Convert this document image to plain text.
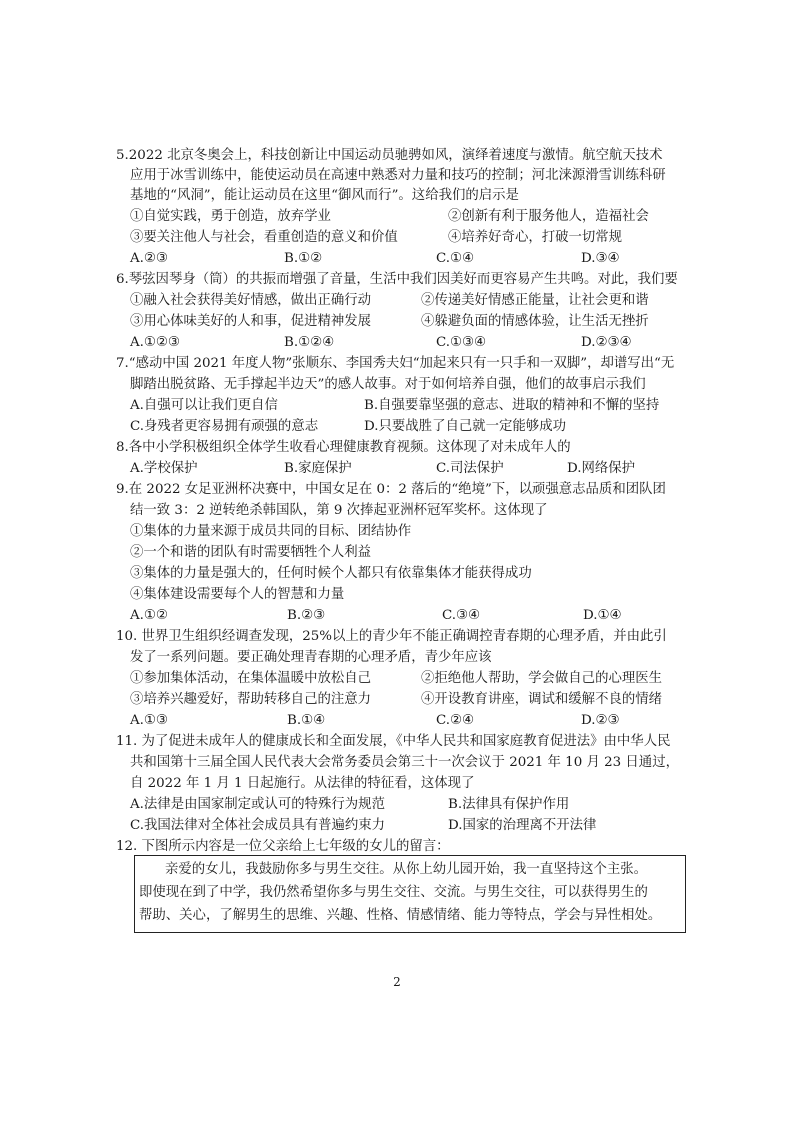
5.2022 北京冬奥会上，科技创新让中国运动员驰骋如风，演绎着速度与激情。航空航天技术
应用于冰雪训练中，能使运动员在高速中熟悉对力量和技巧的控制；河北涞源滑雪训练科研
基地的“风洞”，能让运动员在这里“御风而行”。这给我们的启示是
①自觉实践，勇于创造，放弃学业	②创新有利于服务他人，造福社会
③要关注他人与社会，看重创造的意义和价值	④培养好奇心，打破一切常规
A.②③	B.①②	C.①④	D.③④
6.琴弦因琴身（筒）的共振而增强了音量，生活中我们因美好而更容易产生共鸣。对此，我们要
①融入社会获得美好情感，做出正确行动	②传递美好情感正能量，让社会更和谐
③用心体味美好的人和事，促进精神发展	④躲避负面的情感体验，让生活无挫折
A.①②③	B.①②④	C.①③④	D.②③④
7.“感动中国 2021 年度人物”张顺东、李国秀夫妇“加起来只有一只手和一双脚”，却谱写出“无
脚踏出脱贫路、无手撑起半边天”的感人故事。对于如何培养自强，他们的故事启示我们
A.自强可以让我们更自信	B.自强要靠坚强的意志、进取的精神和不懈的坚持
C.身残者更容易拥有顽强的意志	D.只要战胜了自己就一定能够成功
8.各中小学积极组织全体学生收看心理健康教育视频。这体现了对未成年人的
A.学校保护	B.家庭保护	C.司法保护	D.网络保护
9.在 2022 女足亚洲杯决赛中，中国女足在 0：2 落后的“绝境”下，以顽强意志品质和团队团
结一致 3：2 逆转绝杀韩国队，第 9 次捧起亚洲杯冠军奖杯。这体现了
①集体的力量来源于成员共同的目标、团结协作
②一个和谐的团队有时需要牺牲个人利益
③集体的力量是强大的，任何时候个人都只有依靠集体才能获得成功
④集体建设需要每个人的智慧和力量
A.①②	B.②③	C.③④	D.①④
10. 世界卫生组织经调查发现，25%以上的青少年不能正确调控青春期的心理矛盾，并由此引
发了一系列问题。要正确处理青春期的心理矛盾，青少年应该
①参加集体活动，在集体温暖中放松自己	②拒绝他人帮助，学会做自己的心理医生
③培养兴趣爱好，帮助转移自己的注意力	④开设教育讲座，调试和缓解不良的情绪
A.①③	B.①④	C.②④	D.②③
11. 为了促进未成年人的健康成长和全面发展，《中华人民共和国家庭教育促进法》由中华人民
共和国第十三届全国人民代表大会常务委员会第三十一次会议于 2021 年 10 月 23 日通过，
自 2022 年 1 月 1 日起施行。从法律的特征看，这体现了
A.法律是由国家制定或认可的特殊行为规范	B.法律具有保护作用
C.我国法律对全体社会成员具有普遍约束力	D.国家的治理离不开法律
12. 下图所示内容是一位父亲给上七年级的女儿的留言：
亲爱的女儿，我鼓励你多与男生交往。从你上幼儿园开始，我一直坚持这个主张。
即使现在到了中学，我仍然希望你多与男生交往、交流。与男生交往，可以获得男生的
帮助、关心，了解男生的思维、兴趣、性格、情感情绪、能力等特点，学会与异性相处。
2
